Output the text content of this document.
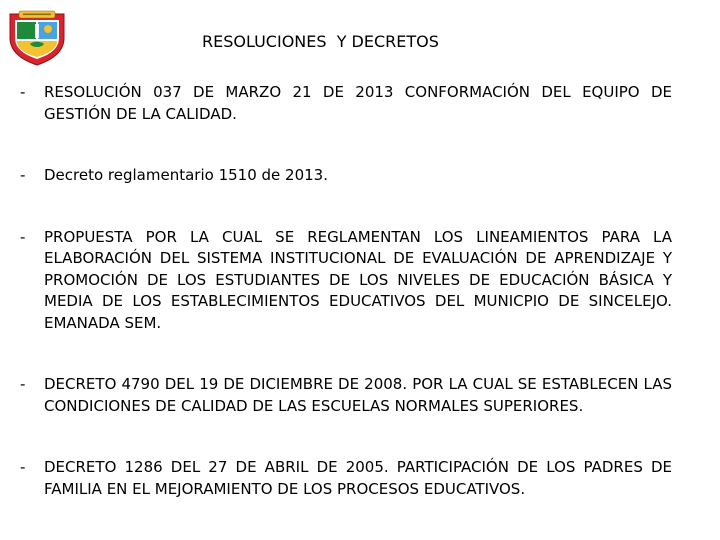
RESOLUCIONES  Y DECRETOS
-	RESOLUCIÓN 037 DE MARZO 21 DE 2013 CONFORMACIÓN DEL EQUIPO DE GESTIÓN DE LA CALIDAD.
-	Decreto reglamentario 1510 de 2013.
-	PROPUESTA POR LA CUAL SE REGLAMENTAN LOS LINEAMIENTOS PARA LA ELABORACIÓN DEL SISTEMA INSTITUCIONAL DE EVALUACIÓN DE APRENDIZAJE Y PROMOCIÓN DE LOS ESTUDIANTES DE LOS NIVELES DE EDUCACIÓN BÁSICA Y MEDIA DE LOS ESTABLECIMIENTOS EDUCATIVOS DEL MUNICPIO DE SINCELEJO. EMANADA SEM.
-	DECRETO 4790 DEL 19 DE DICIEMBRE DE 2008. POR LA CUAL SE ESTABLECEN LAS CONDICIONES DE CALIDAD DE LAS ESCUELAS NORMALES SUPERIORES.
-	DECRETO 1286 DEL 27 DE ABRIL DE 2005. PARTICIPACIÓN DE LOS PADRES DE FAMILIA EN EL MEJORAMIENTO DE LOS PROCESOS EDUCATIVOS.
